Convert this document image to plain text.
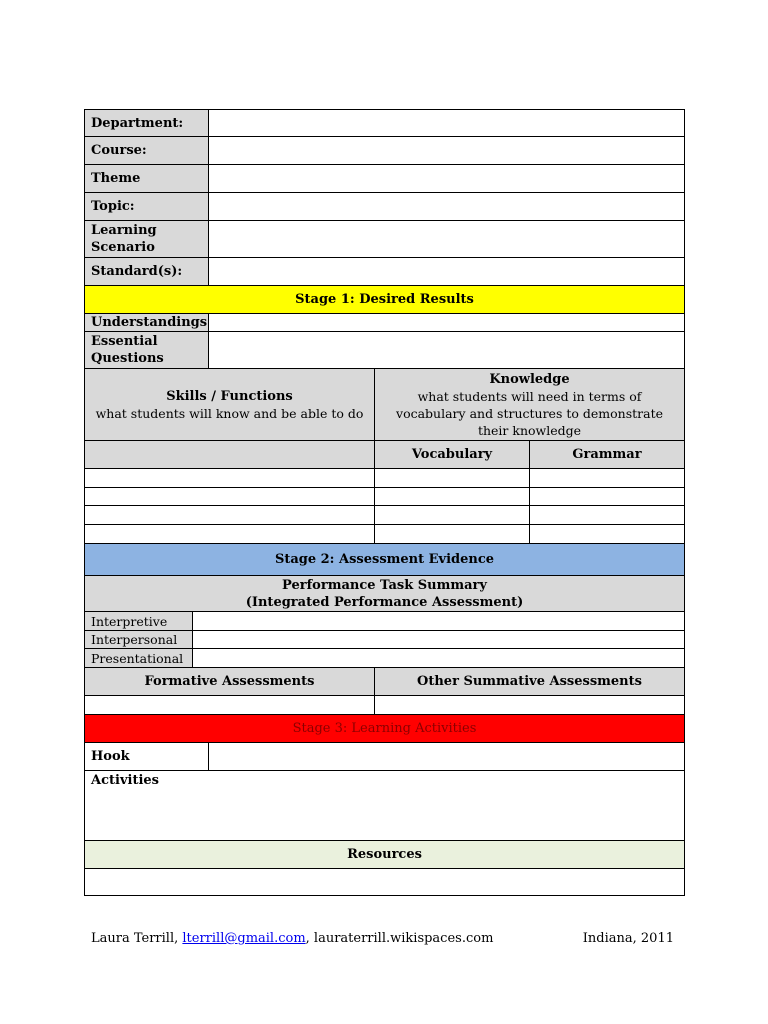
Department:
Course:
Theme
Topic:
Learning Scenario
Standard(s):
Stage 1: Desired Results
Understandings
Essential Questions
Skills / Functions
what students will know and be able to do
Knowledge
what students will need in terms of vocabulary and structures to demonstrate their knowledge
Vocabulary	Grammar
Stage 2: Assessment Evidence
Performance Task Summary
(Integrated Performance Assessment)
Interpretive
Interpersonal
Presentational
Formative Assessments	Other Summative Assessments
Stage 3: Learning Activities
Hook
Activities
Resources
Laura Terrill, lterrill@gmail.com, lauraterrill.wikispaces.com	Indiana, 2011
